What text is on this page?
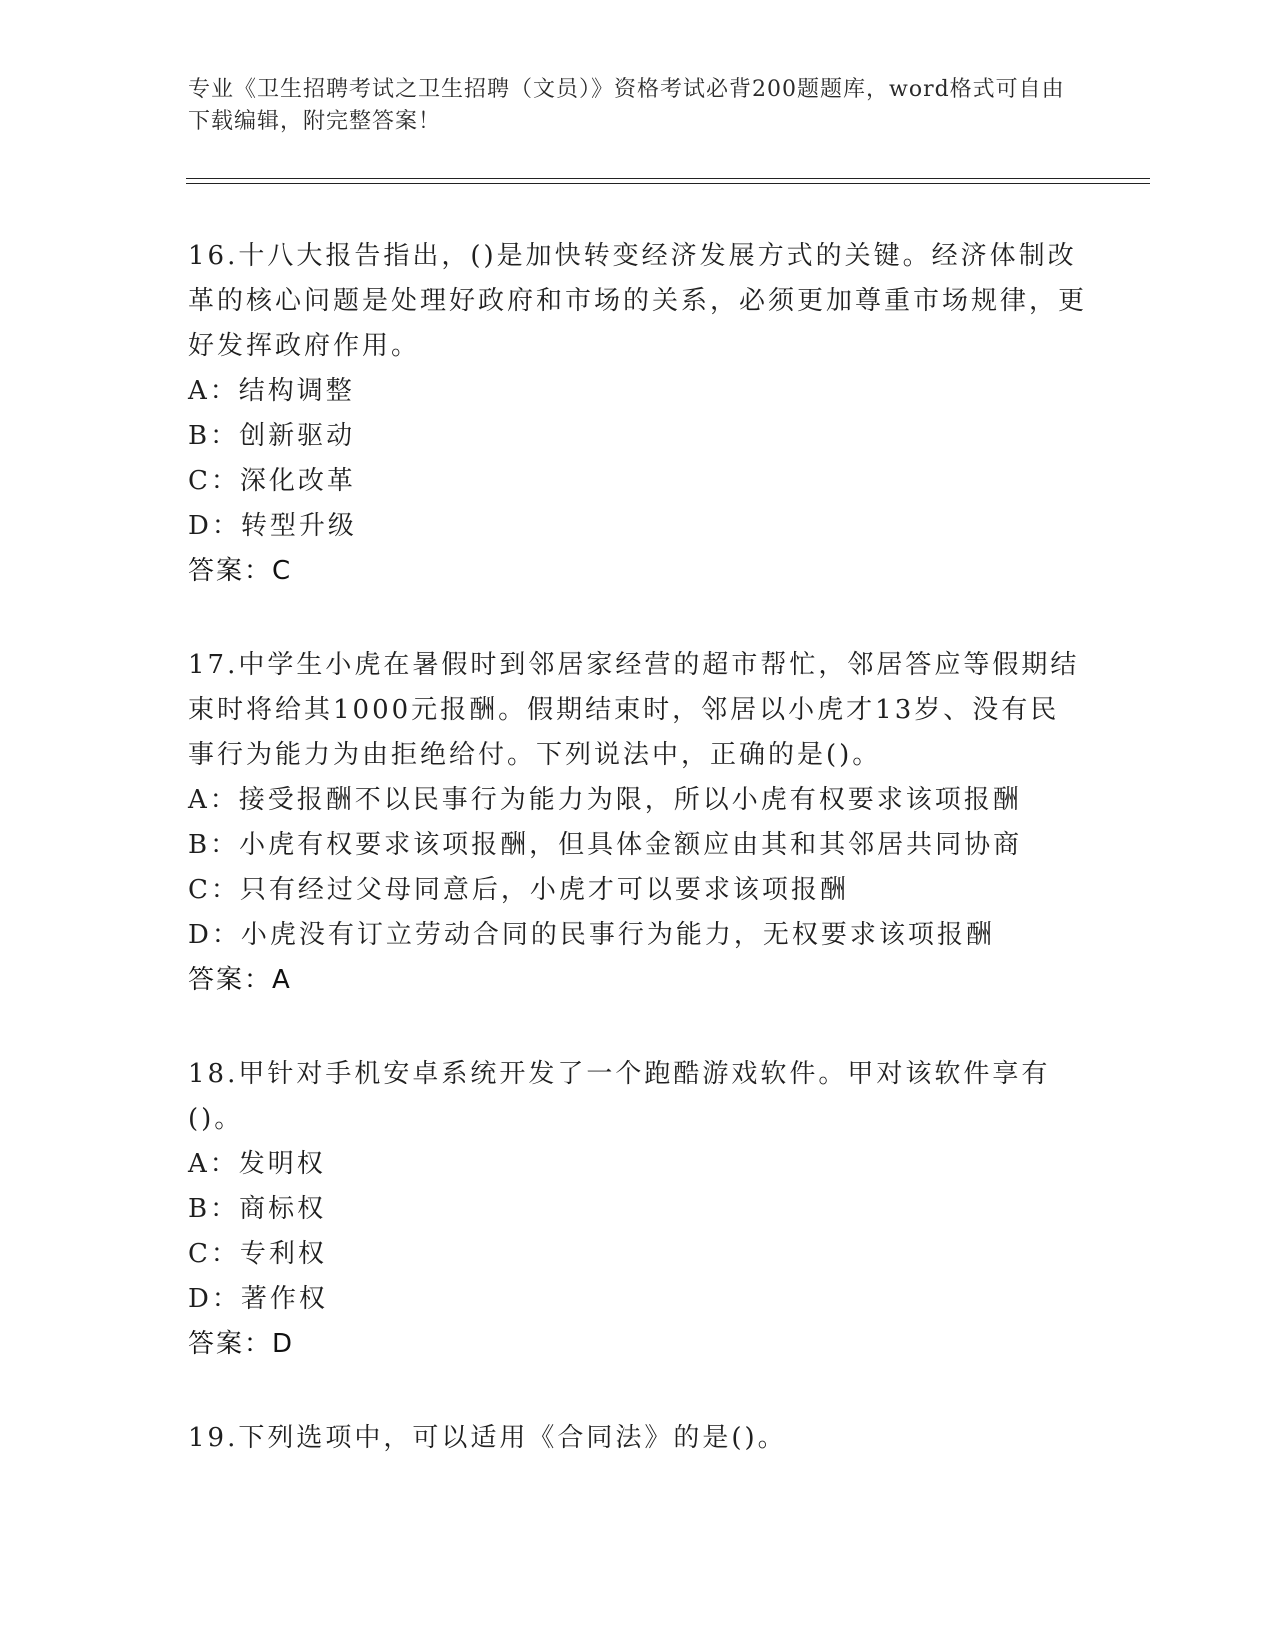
专业《卫生招聘考试之卫生招聘（文员）》资格考试必背200题题库，word格式可自由下载编辑，附完整答案！
16.十八大报告指出，()是加快转变经济发展方式的关键。经济体制改革的核心问题是处理好政府和市场的关系，必须更加尊重市场规律，更好发挥政府作用。
A：结构调整
B：创新驱动
C：深化改革
D：转型升级
答案：C
17.中学生小虎在暑假时到邻居家经营的超市帮忙，邻居答应等假期结束时将给其1000元报酬。假期结束时，邻居以小虎才13岁、没有民事行为能力为由拒绝给付。下列说法中，正确的是()。
A：接受报酬不以民事行为能力为限，所以小虎有权要求该项报酬
B：小虎有权要求该项报酬，但具体金额应由其和其邻居共同协商
C：只有经过父母同意后，小虎才可以要求该项报酬
D：小虎没有订立劳动合同的民事行为能力，无权要求该项报酬
答案：A
18.甲针对手机安卓系统开发了一个跑酷游戏软件。甲对该软件享有()。
A：发明权
B：商标权
C：专利权
D：著作权
答案：D
19.下列选项中，可以适用《合同法》的是()。
